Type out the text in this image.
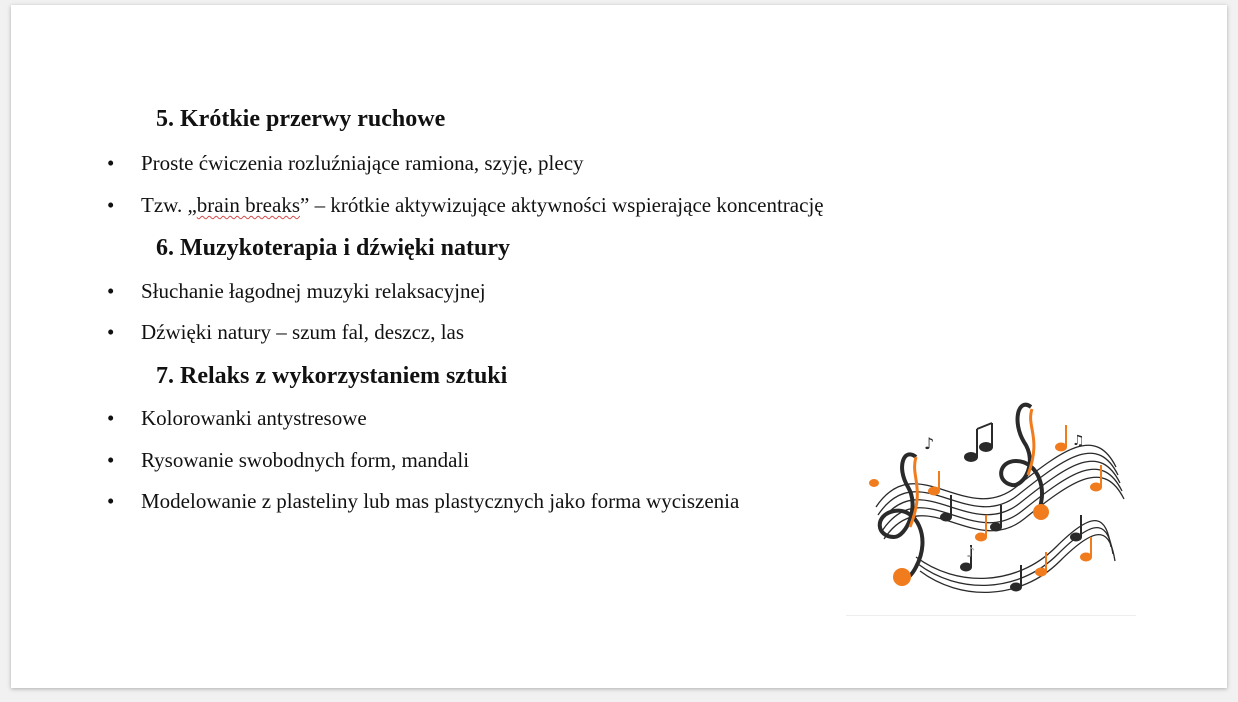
5. Krótkie przerwy ruchowe
•	Proste ćwiczenia rozluźniające ramiona, szyję, plecy
•	Tzw. „brain breaks” – krótkie aktywizujące aktywności wspierające koncentrację
6. Muzykoterapia i dźwięki natury
•	Słuchanie łagodnej muzyki relaksacyjnej
•	Dźwięki natury – szum fal, deszcz, las
7. Relaks z wykorzystaniem sztuki
•	Kolorowanki antystresowe
•	Rysowanie swobodnych form, mandali
•	Modelowanie z plasteliny lub mas plastycznych jako forma wyciszenia
♪
♪
♫
